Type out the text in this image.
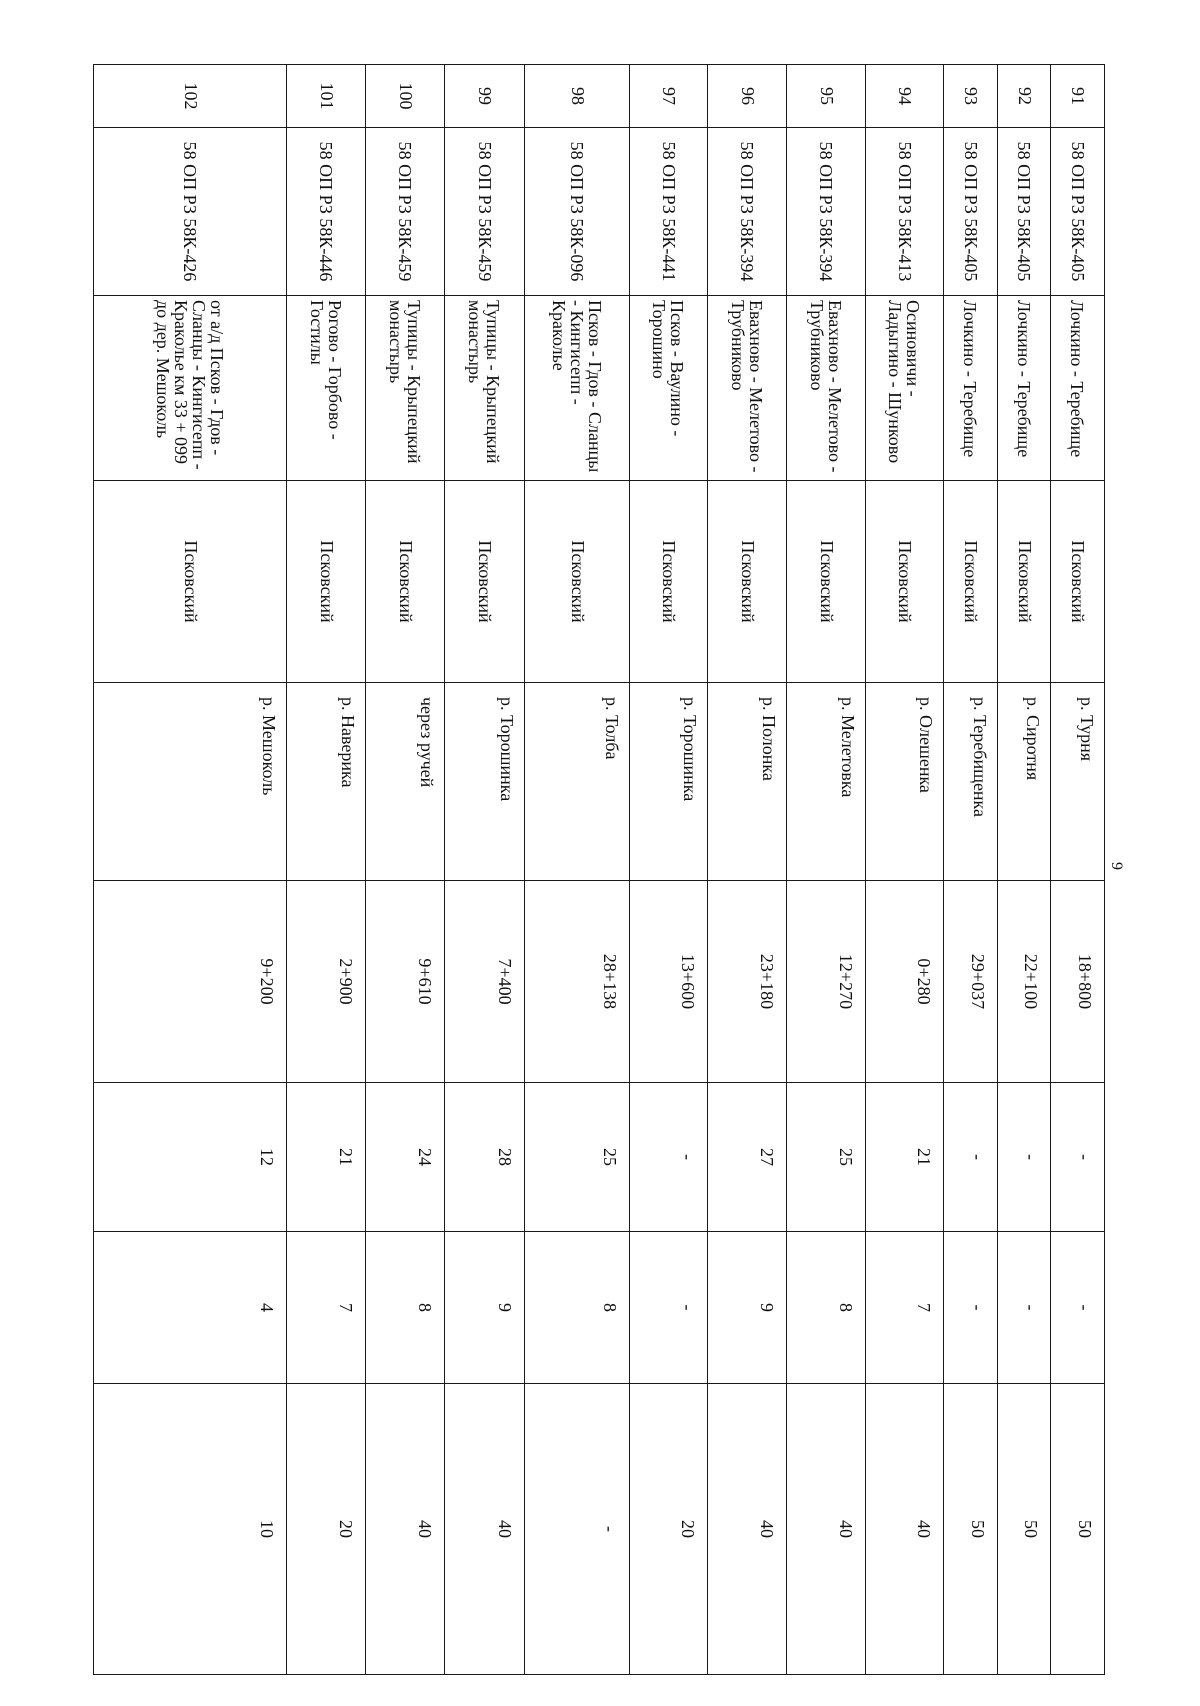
9
91	58 ОП РЗ 58К-405	Лочкино - Теребище	Псковский	р. Турня	18+800	-	-	50
92	58 ОП РЗ 58К-405	Лочкино - Теребище	Псковский	р. Сиротня	22+100	-	-	50
93	58 ОП РЗ 58К-405	Лочкино - Теребище	Псковский	р. Теребищенка	29+037	-	-	50
94	58 ОП РЗ 58К-413	Осиновичи - Ладыгино - Шунково	Псковский	р. Олешенка	0+280	21	7	40
95	58 ОП РЗ 58К-394	Евахново - Мелетово - Трубниково	Псковский	р. Мелетовка	12+270	25	8	40
96	58 ОП РЗ 58К-394	Евахново - Мелетово - Трубниково	Псковский	р. Полонка	23+180	27	9	40
97	58 ОП РЗ 58К-441	Псков - Ваулино - Торошино	Псковский	р. Торошинка	13+600	-	-	20
98	58 ОП РЗ 58К-096	Псков - Гдов - Сланцы - Кингисепп - Краколье	Псковский	р. Толба	28+138	25	8	-
99	58 ОП РЗ 58К-459	Тупицы - Крыпецкий монастырь	Псковский	р. Торошинка	7+400	28	9	40
100	58 ОП РЗ 58К-459	Тупицы - Крыпецкий монастырь	Псковский	через ручей	9+610	24	8	40
101	58 ОП РЗ 58К-446	Рогово - Горбово - Гостилы	Псковский	р. Наверика	2+900	21	7	20
102	58 ОП РЗ 58К-426	от а/д Псков - Гдов - Сланцы - Кингисепп - Краколье км 33 + 099 до дер. Мешоколь	Псковский	р. Мешоколь	9+200	12	4	10
